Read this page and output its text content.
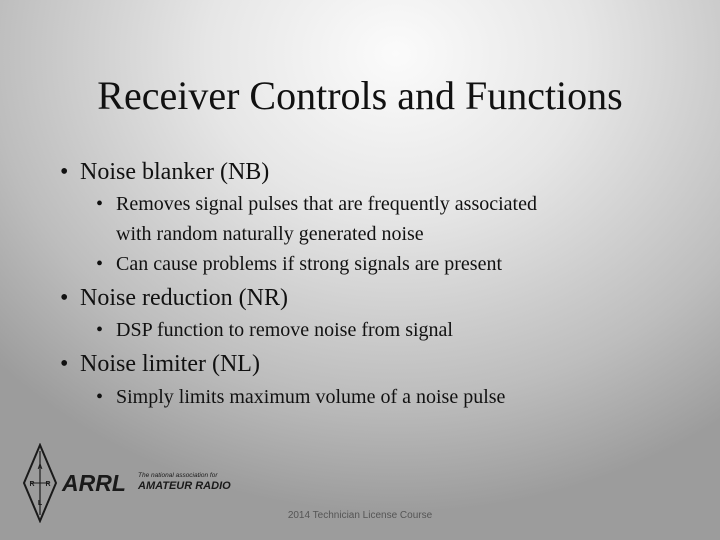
Receiver Controls and Functions
• Noise blanker (NB)
• Removes signal pulses that are frequently associated
with random naturally generated noise
• Can cause problems if strong signals are present
• Noise reduction (NR)
• DSP function to remove noise from signal
• Noise limiter (NL)
• Simply limits maximum volume of a noise pulse
A
R R
L
ARRL The national association for
AMATEUR RADIO
2014 Technician License Course
